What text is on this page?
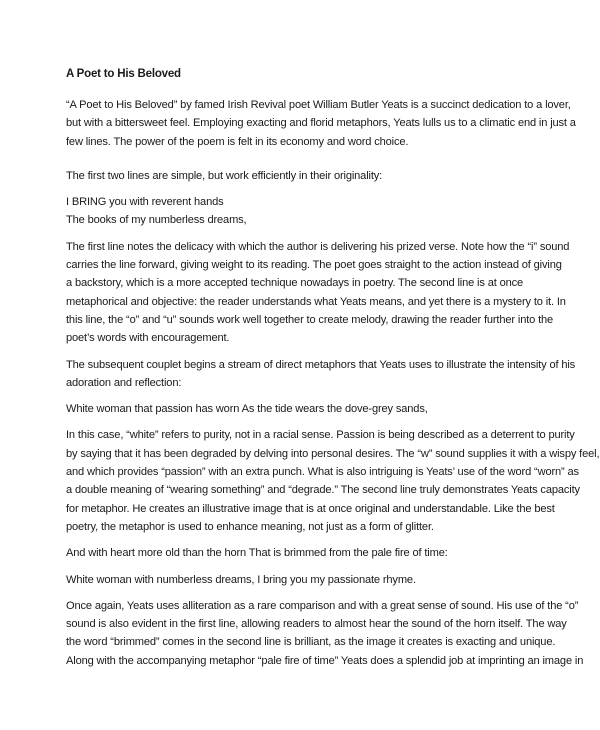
A Poet to His Beloved

“A Poet to His Beloved” by famed Irish Revival poet William Butler Yeats is a succinct dedication to a lover,

but with a bittersweet feel. Employing exacting and florid metaphors, Yeats lulls us to a climatic end in just a

few lines. The power of the poem is felt in its economy and word choice.

The first two lines are simple, but work efficiently in their originality:

I BRING you with reverent hands

The books of my numberless dreams,

The first line notes the delicacy with which the author is delivering his prized verse. Note how the “i” sound

carries the line forward, giving weight to its reading. The poet goes straight to the action instead of giving

a backstory, which is a more accepted technique nowadays in poetry. The second line is at once

metaphorical and objective: the reader understands what Yeats means, and yet there is a mystery to it. In

this line, the “o” and “u” sounds work well together to create melody, drawing the reader further into the

poet’s words with encouragement.

The subsequent couplet begins a stream of direct metaphors that Yeats uses to illustrate the intensity of his

adoration and reflection:

White woman that passion has worn As the tide wears the dove-grey sands,

In this case, “white” refers to purity, not in a racial sense. Passion is being described as a deterrent to purity

by saying that it has been degraded by delving into personal desires. The “w” sound supplies it with a wispy feel,

and which provides “passion” with an extra punch. What is also intriguing is Yeats’ use of the word “worn” as

a double meaning of “wearing something” and “degrade.” The second line truly demonstrates Yeats capacity

for metaphor. He creates an illustrative image that is at once original and understandable. Like the best

poetry, the metaphor is used to enhance meaning, not just as a form of glitter.

And with heart more old than the horn That is brimmed from the pale fire of time:

White woman with numberless dreams, I bring you my passionate rhyme.

Once again, Yeats uses alliteration as a rare comparison and with a great sense of sound. His use of the “o”

sound is also evident in the first line, allowing readers to almost hear the sound of the horn itself. The way

the word “brimmed” comes in the second line is brilliant, as the image it creates is exacting and unique.

Along with the accompanying metaphor “pale fire of time” Yeats does a splendid job at imprinting an image in
